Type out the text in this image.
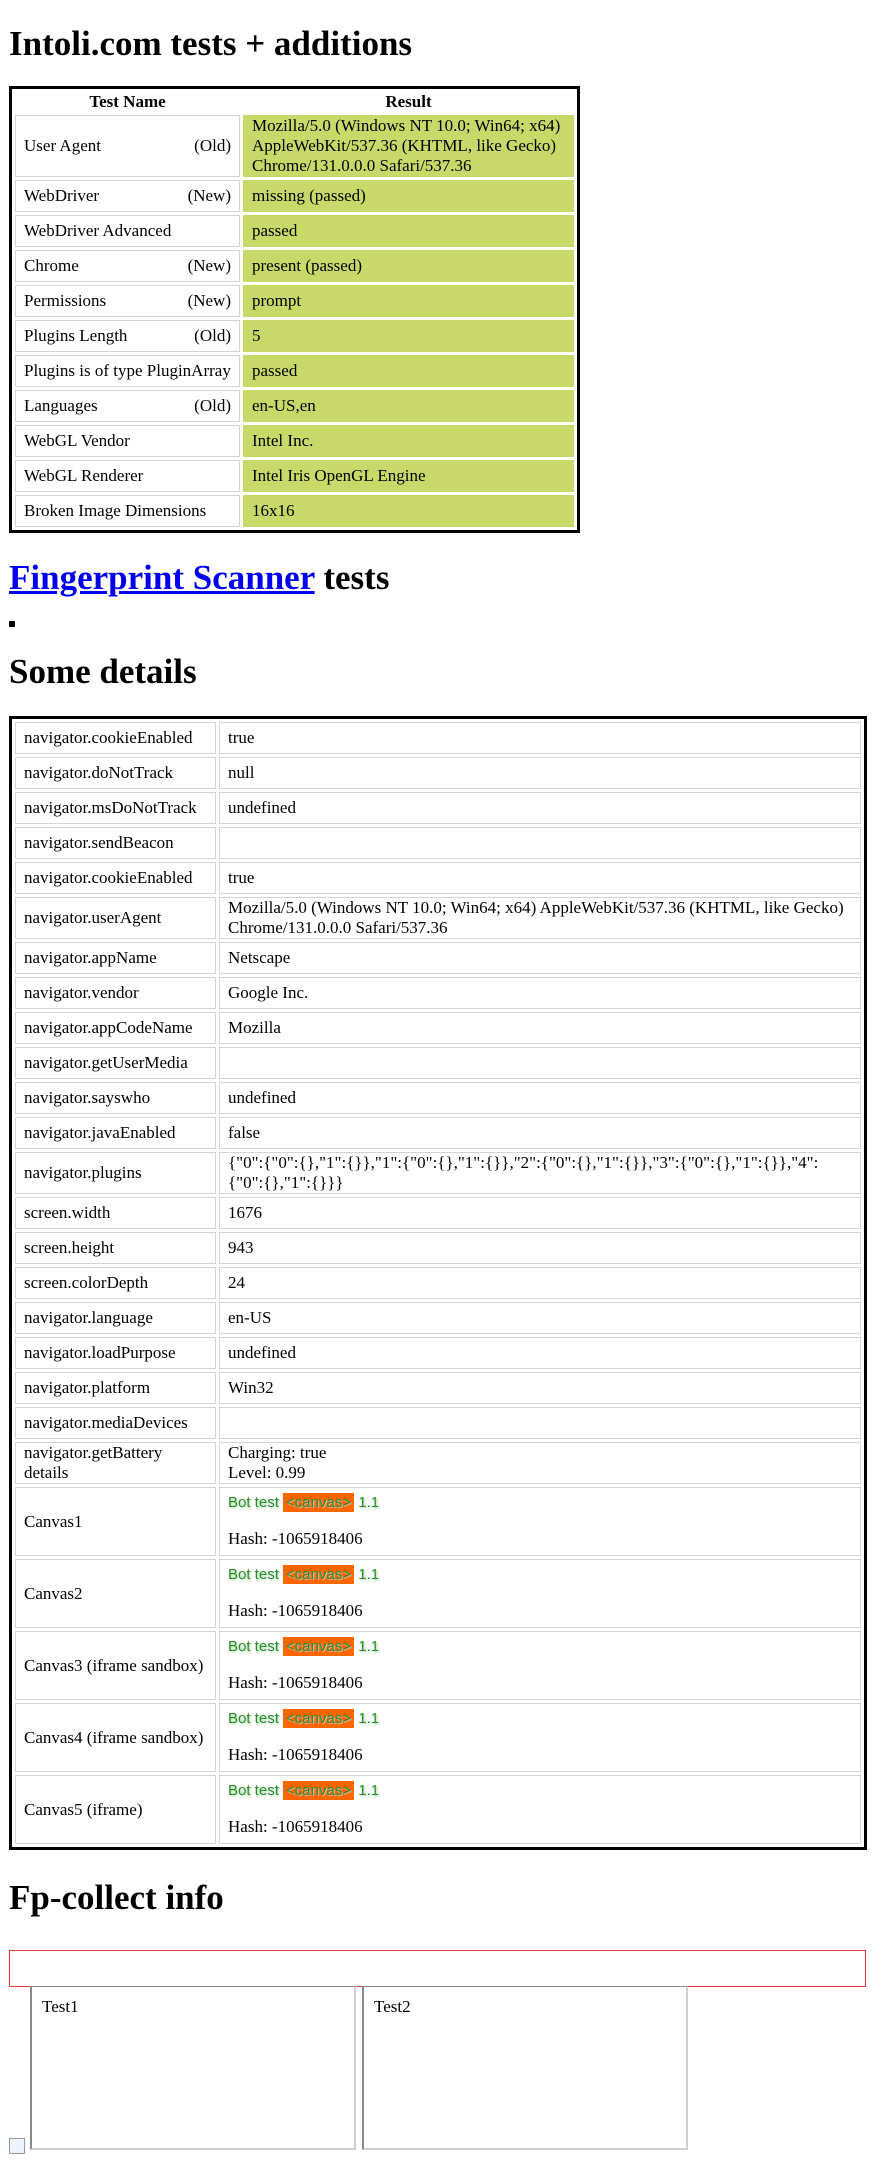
Intoli.com tests + additions
Test Name	Result

User Agent (Old)	Mozilla/5.0 (Windows NT 10.0; Win64; x64) AppleWebKit/537.36 (KHTML, like Gecko) Chrome/131.0.0.0 Safari/537.36

WebDriver (New)	missing (passed)

WebDriver Advanced	passed

Chrome (New)	present (passed)

Permissions (New)	prompt

Plugins Length (Old)	5

Plugins is of type PluginArray	passed

Languages (Old)	en-US,en

WebGL Vendor	Intel Inc.

WebGL Renderer	Intel Iris OpenGL Engine

Broken Image Dimensions	16x16
Fingerprint Scanner tests
Some details
navigator.cookieEnabled	true
navigator.doNotTrack	null
navigator.msDoNotTrack	undefined
navigator.sendBeacon	
navigator.cookieEnabled	true
navigator.userAgent	Mozilla/5.0 (Windows NT 10.0; Win64; x64) AppleWebKit/537.36 (KHTML, like Gecko) Chrome/131.0.0.0 Safari/537.36
navigator.appName	Netscape
navigator.vendor	Google Inc.
navigator.appCodeName	Mozilla
navigator.getUserMedia	
navigator.sayswho	undefined
navigator.javaEnabled	false
navigator.plugins	{"0":{"0":{},"1":{}},"1":{"0":{},"1":{}},"2":{"0":{},"1":{}},"3":{"0":{},"1":{}},"4":{"0":{},"1":{}}}
screen.width	1676
screen.height	943
screen.colorDepth	24
navigator.language	en-US
navigator.loadPurpose	undefined
navigator.platform	Win32
navigator.mediaDevices	
navigator.getBattery details	Charging: true
Level: 0.99
Canvas1	Bot test <canvas> 1.1
Hash: -1065918406

Canvas2	Bot test <canvas> 1.1
Hash: -1065918406

Canvas3 (iframe sandbox)	Bot test <canvas> 1.1
Hash: -1065918406

Canvas4 (iframe sandbox)	Bot test <canvas> 1.1
Hash: -1065918406

Canvas5 (iframe)	Bot test <canvas> 1.1
Hash: -1065918406
Fp-collect info
Test1	Test2
